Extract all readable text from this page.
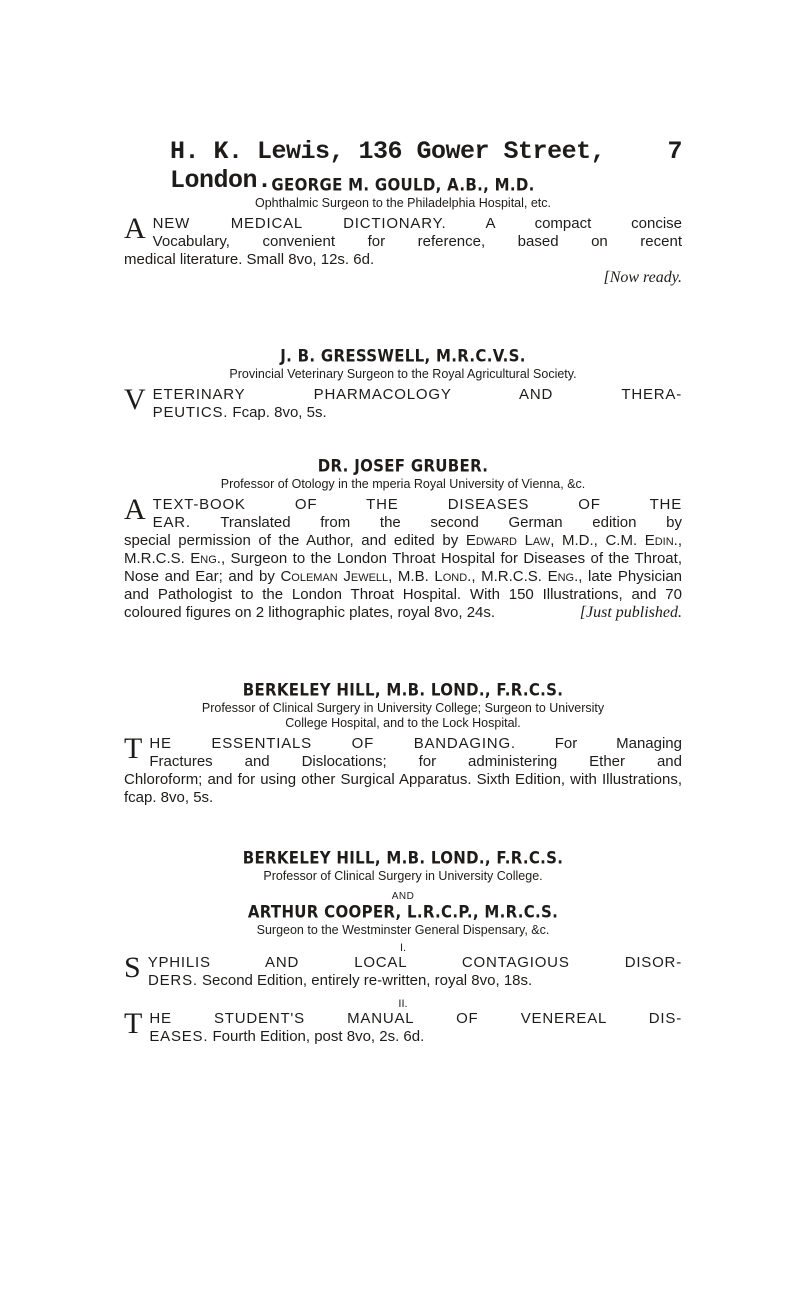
H. K. Lewis, 136 Gower Street, London.
7
GEORGE M. GOULD, A.B., M.D.
Ophthalmic Surgeon to the Philadelphia Hospital, etc.
A NEW MEDICAL DICTIONARY.	A compact concise
Vocabulary, convenient for reference, based on recent
medical literature. Small 8vo, 12s. 6d.
[Now ready.
J. B. GRESSWELL, M.R.C.V.S.
Provincial Veterinary Surgeon to the Royal Agricultural Society.
V ETERINARY PHARMACOLOGY AND THERA-
PEUTICS. Fcap. 8vo, 5s.
DR. JOSEF GRUBER.
Professor of Otology in the mperia Royal University of Vienna, &c.
A TEXT-BOOK OF THE DISEASES OF THE
EAR. Translated from the second German edition by
special permission of the Author, and edited by Edward Law, M.D., C.M. Edin., M.R.C.S. Eng., Surgeon to the London Throat Hospital for Diseases of the Throat, Nose and Ear; and by Coleman Jewell, M.B. Lond., M.R.C.S. Eng., late Physician and Pathologist to the London Throat Hospital. With 150 Illustrations, and 70 coloured figures on 2 lithographic plates, royal 8vo, 24s.	[Just published.
BERKELEY HILL, M.B. LOND., F.R.C.S.
Professor of Clinical Surgery in University College; Surgeon to University
College Hospital, and to the Lock Hospital.
T HE ESSENTIALS OF BANDAGING.	For Managing
Fractures and Dislocations; for administering Ether and
Chloroform; and for using other Surgical Apparatus. Sixth Edition, with Illustrations, fcap. 8vo, 5s.
BERKELEY HILL, M.B. LOND., F.R.C.S.
Professor of Clinical Surgery in University College.
AND
ARTHUR COOPER, L.R.C.P., M.R.C.S.
Surgeon to the Westminster General Dispensary, &c.
I.
S YPHILIS AND LOCAL CONTAGIOUS DISOR-
DERS. Second Edition, entirely re-written, royal 8vo, 18s.
II.
T HE STUDENT'S MANUAL OF VENEREAL DIS-
EASES. Fourth Edition, post 8vo, 2s. 6d.
